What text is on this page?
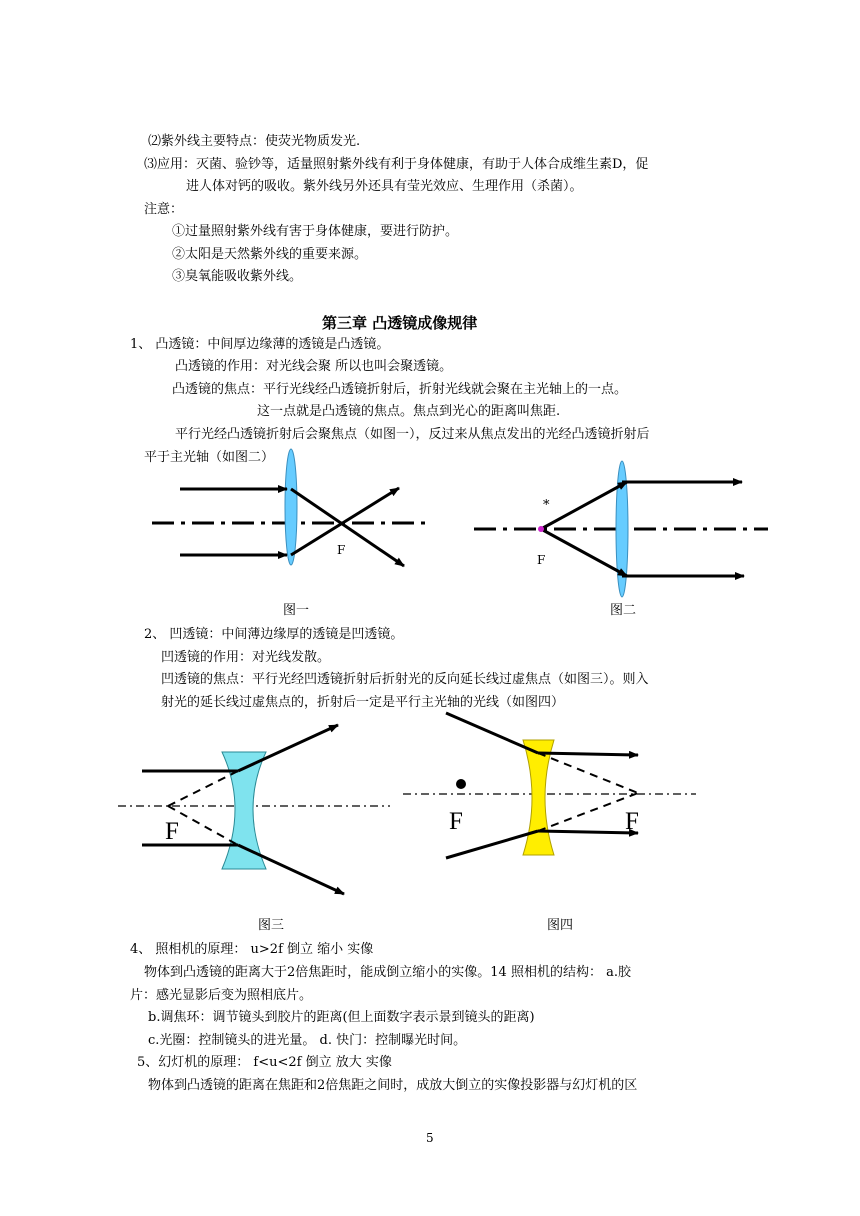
⑵紫外线主要特点：使荧光物质发光.
⑶应用：灭菌、验钞等，适量照射紫外线有利于身体健康，有助于人体合成维生素D，促
进人体对钙的吸收。紫外线另外还具有莹光效应、生理作用（杀菌）。
注意：
①过量照射紫外线有害于身体健康，要进行防护。
②太阳是天然紫外线的重要来源。
③臭氧能吸收紫外线。
第三章 凸透镜成像规律
1、 凸透镜：中间厚边缘薄的透镜是凸透镜。
凸透镜的作用：对光线会聚 所以也叫会聚透镜。
凸透镜的焦点：平行光线经凸透镜折射后，折射光线就会聚在主光轴上的一点。
这一点就是凸透镜的焦点。焦点到光心的距离叫焦距.
平行光经凸透镜折射后会聚焦点（如图一），反过来从焦点发出的光经凸透镜折射后
平于主光轴（如图二）
F
图一
*
F
图二
2、 凹透镜：中间薄边缘厚的透镜是凹透镜。
凹透镜的作用：对光线发散。
凹透镜的焦点：平行光经凹透镜折射后折射光的反向延长线过虚焦点（如图三）。则入
射光的延长线过虚焦点的，折射后一定是平行主光轴的光线（如图四）
F
图三
F	F
图四
4、 照相机的原理： u>2f 倒立 缩小 实像
物体到凸透镜的距离大于2倍焦距时，能成倒立缩小的实像。14 照相机的结构： a.胶
片：感光显影后变为照相底片。
b.调焦环：调节镜头到胶片的距离(但上面数字表示景到镜头的距离)
c.光圈：控制镜头的进光量。 d. 快门：控制曝光时间。
5、幻灯机的原理： f<u<2f 倒立 放大 实像
物体到凸透镜的距离在焦距和2倍焦距之间时，成放大倒立的实像投影器与幻灯机的区
5
